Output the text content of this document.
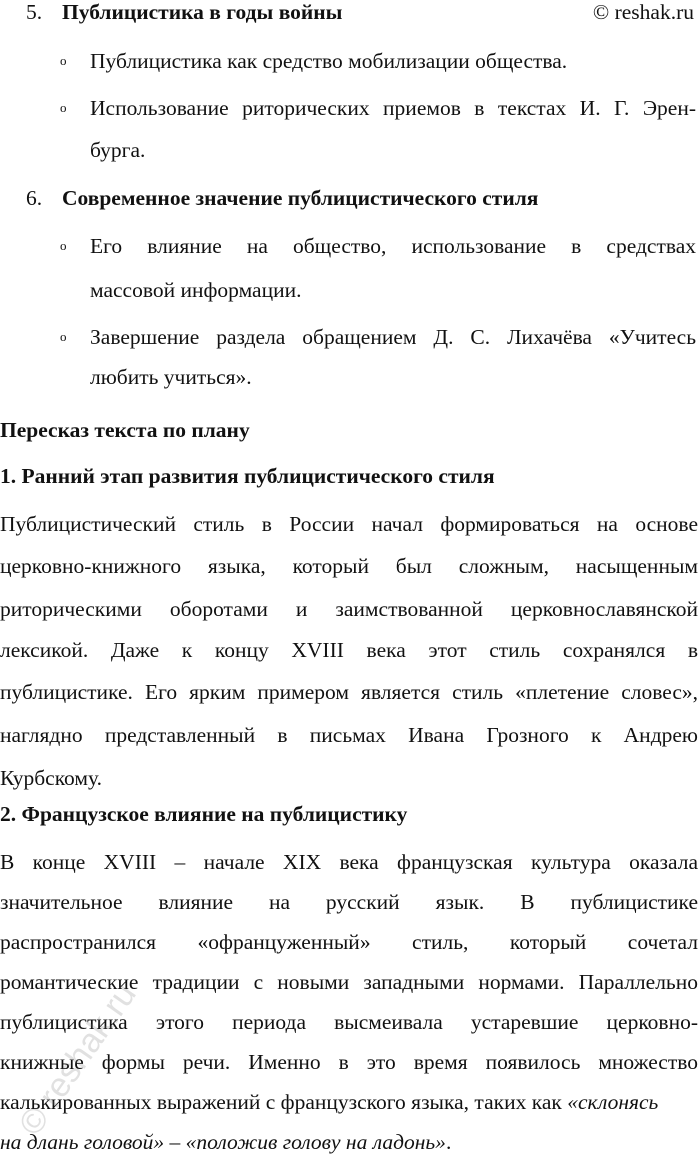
© reshak.ru
5. Публицистика в годы войны
o Публицистика как средство мобилизации общества.
o Использование риторических приемов в текстах И. Г. Эрен-
бурга.
6. Современное значение публицистического стиля
o Его влияние на общество, использование в средствах
массовой информации.
o Завершение раздела обращением Д. С. Лихачёва «Учитесь
любить учиться».
Пересказ текста по плану
1. Ранний этап развития публицистического стиля
Публицистический стиль в России начал формироваться на основе
церковно-книжного языка, который был сложным, насыщенным
риторическими оборотами и заимствованной церковнославянской
лексикой. Даже к концу XVIII века этот стиль сохранялся в
публицистике. Его ярким примером является стиль «плетение словес»,
наглядно представленный в письмах Ивана Грозного к Андрею
Курбскому.
2. Французское влияние на публицистику
В конце XVIII – начале XIX века французская культура оказала
значительное влияние на русский язык. В публицистике
распространился «офранцуженный» стиль, который сочетал
романтические традиции с новыми западными нормами. Параллельно
публицистика этого периода высмеивала устаревшие церковно-
книжные формы речи. Именно в это время появилось множество
калькированных выражений с французского языка, таких как «склонясь
на длань головой» – «положив голову на ладонь».
© reshak.ru
